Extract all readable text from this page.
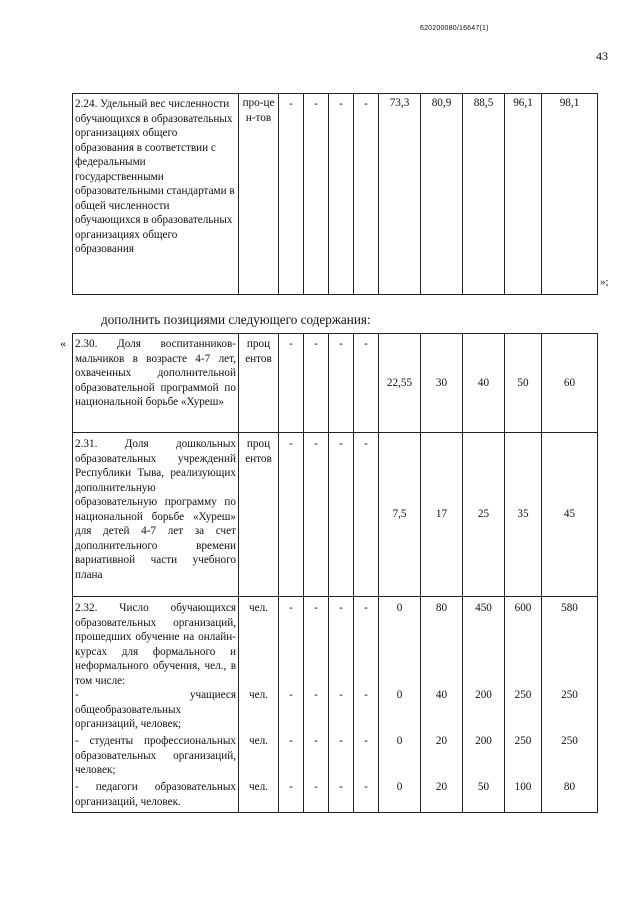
620200080/16647(1)
43
2.24. Удельный вес численности обучающихся в образовательных организациях общего образования в соответствии с федеральными государственными образовательными стандартами в общей численности обучающихся в образовательных организациях общего образования	про-цен-тов	-	-	-	-	73,3	80,9	88,5	96,1	98,1
»;
дополнить позициями следующего содержания:
« 2.30. Доля воспитанников-мальчиков в возрасте 4-7 лет, охваченных дополнительной образовательной программой по национальной борьбе «Хуреш»	проц ентов	-	-	-	-	22,55	30	40	50	60
2.31. Доля дошкольных образовательных учреждений Республики Тыва, реализующих дополнительную образовательную программу по национальной борьбе «Хуреш» для детей 4-7 лет за счет дополнительного времени вариативной части учебного плана	проц ентов	-	-	-	-	7,5	17	25	35	45
2.32. Число обучающихся образовательных организаций, прошедших обучение на онлайн-курсах для формального и неформального обучения, чел., в том числе:	чел.	-	-	-	-	0	80	450	600	580
- учащиеся общеобразовательных организаций, человек;	чел.	-	-	-	-	0	40	200	250	250
- студенты профессиональных образовательных организаций, человек;	чел.	-	-	-	-	0	20	200	250	250
- педагоги образовательных организаций, человек.	чел.	-	-	-	-	0	20	50	100	80
